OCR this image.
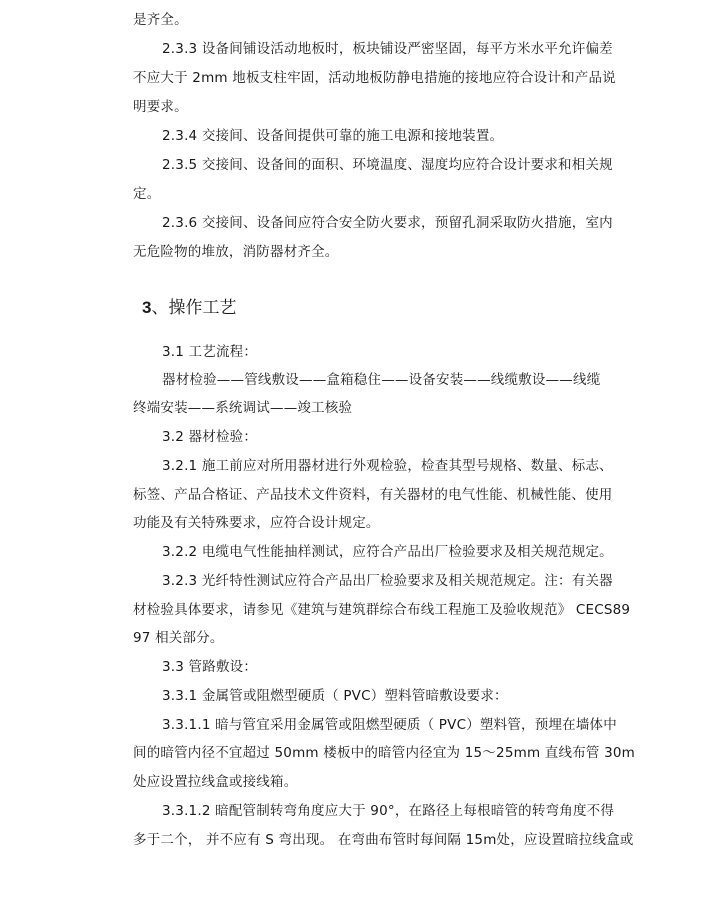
是齐全。
2.3.3 设备间铺设活动地板时，板块铺设严密坚固，每平方米水平允许偏差
不应大于 2mm 地板支柱牢固，活动地板防静电措施的接地应符合设计和产品说
明要求。
2.3.4 交接间、设备间提供可靠的施工电源和接地装置。
2.3.5 交接间、设备间的面积、环境温度、湿度均应符合设计要求和相关规
定。
2.3.6 交接间、设备间应符合安全防火要求，预留孔洞采取防火措施，室内
无危险物的堆放，消防器材齐全。
3、操作工艺
3.1 工艺流程：
器材检验——管线敷设——盒箱稳住——设备安装——线缆敷设——线缆
终端安装——系统调试——竣工核验
3.2 器材检验：
3.2.1 施工前应对所用器材进行外观检验，检查其型号规格、数量、标志、
标签、产品合格证、产品技术文件资料，有关器材的电气性能、机械性能、使用
功能及有关特殊要求，应符合设计规定。
3.2.2 电缆电气性能抽样测试，应符合产品出厂检验要求及相关规范规定。
3.2.3 光纤特性测试应符合产品出厂检验要求及相关规范规定。注：有关器
材检验具体要求，请参见《建筑与建筑群综合布线工程施工及验收规范》 CECS89
97 相关部分。
3.3 管路敷设：
3.3.1 金属管或阻燃型硬质（ PVC）塑料管暗敷设要求：
3.3.1.1 暗与管宜采用金属管或阻燃型硬质（ PVC）塑料管，预埋在墙体中
间的暗管内径不宜超过 50mm 楼板中的暗管内径宜为 15～25mm 直线布管 30m
处应设置拉线盒或接线箱。
3.3.1.2 暗配管制转弯角度应大于 90°，在路径上每根暗管的转弯角度不得
多于二个， 并不应有 S 弯出现。 在弯曲布管时每间隔 15m处，应设置暗拉线盒或
